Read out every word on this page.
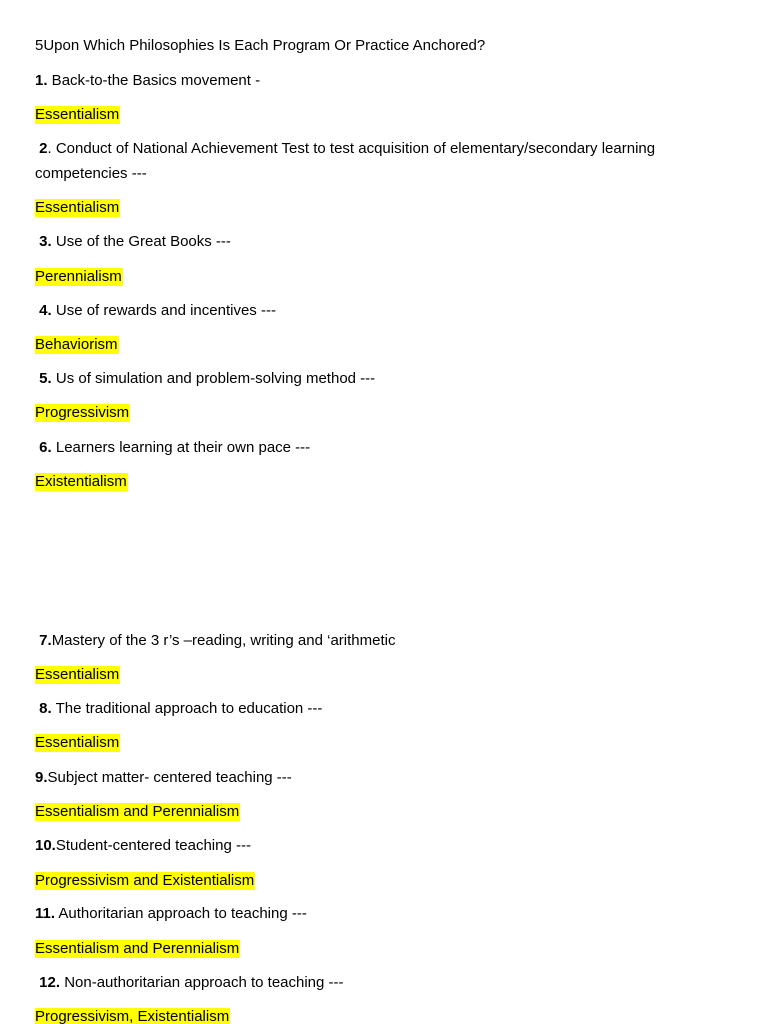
5Upon Which Philosophies Is Each Program Or Practice Anchored?
1. Back-to-the Basics movement -
Essentialism
2. Conduct of National Achievement Test to test acquisition of elementary/secondary learning competencies ---
Essentialism
3. Use of the Great Books ---
Perennialism
4. Use of rewards and incentives ---
Behaviorism
5. Us of simulation and problem-solving method ---
Progressivism
6. Learners learning at their own pace ---
Existentialism
7.Mastery of the 3 r’s –reading, writing and ‘arithmetic
Essentialism
8. The traditional approach to education ---
Essentialism
9.Subject matter- centered teaching ---
Essentialism and Perennialism
10.Student-centered teaching ---
Progressivism and Existentialism
11. Authoritarian approach to teaching ---
Essentialism and Perennialism
12. Non-authoritarian approach to teaching ---
Progressivism, Existentialism
